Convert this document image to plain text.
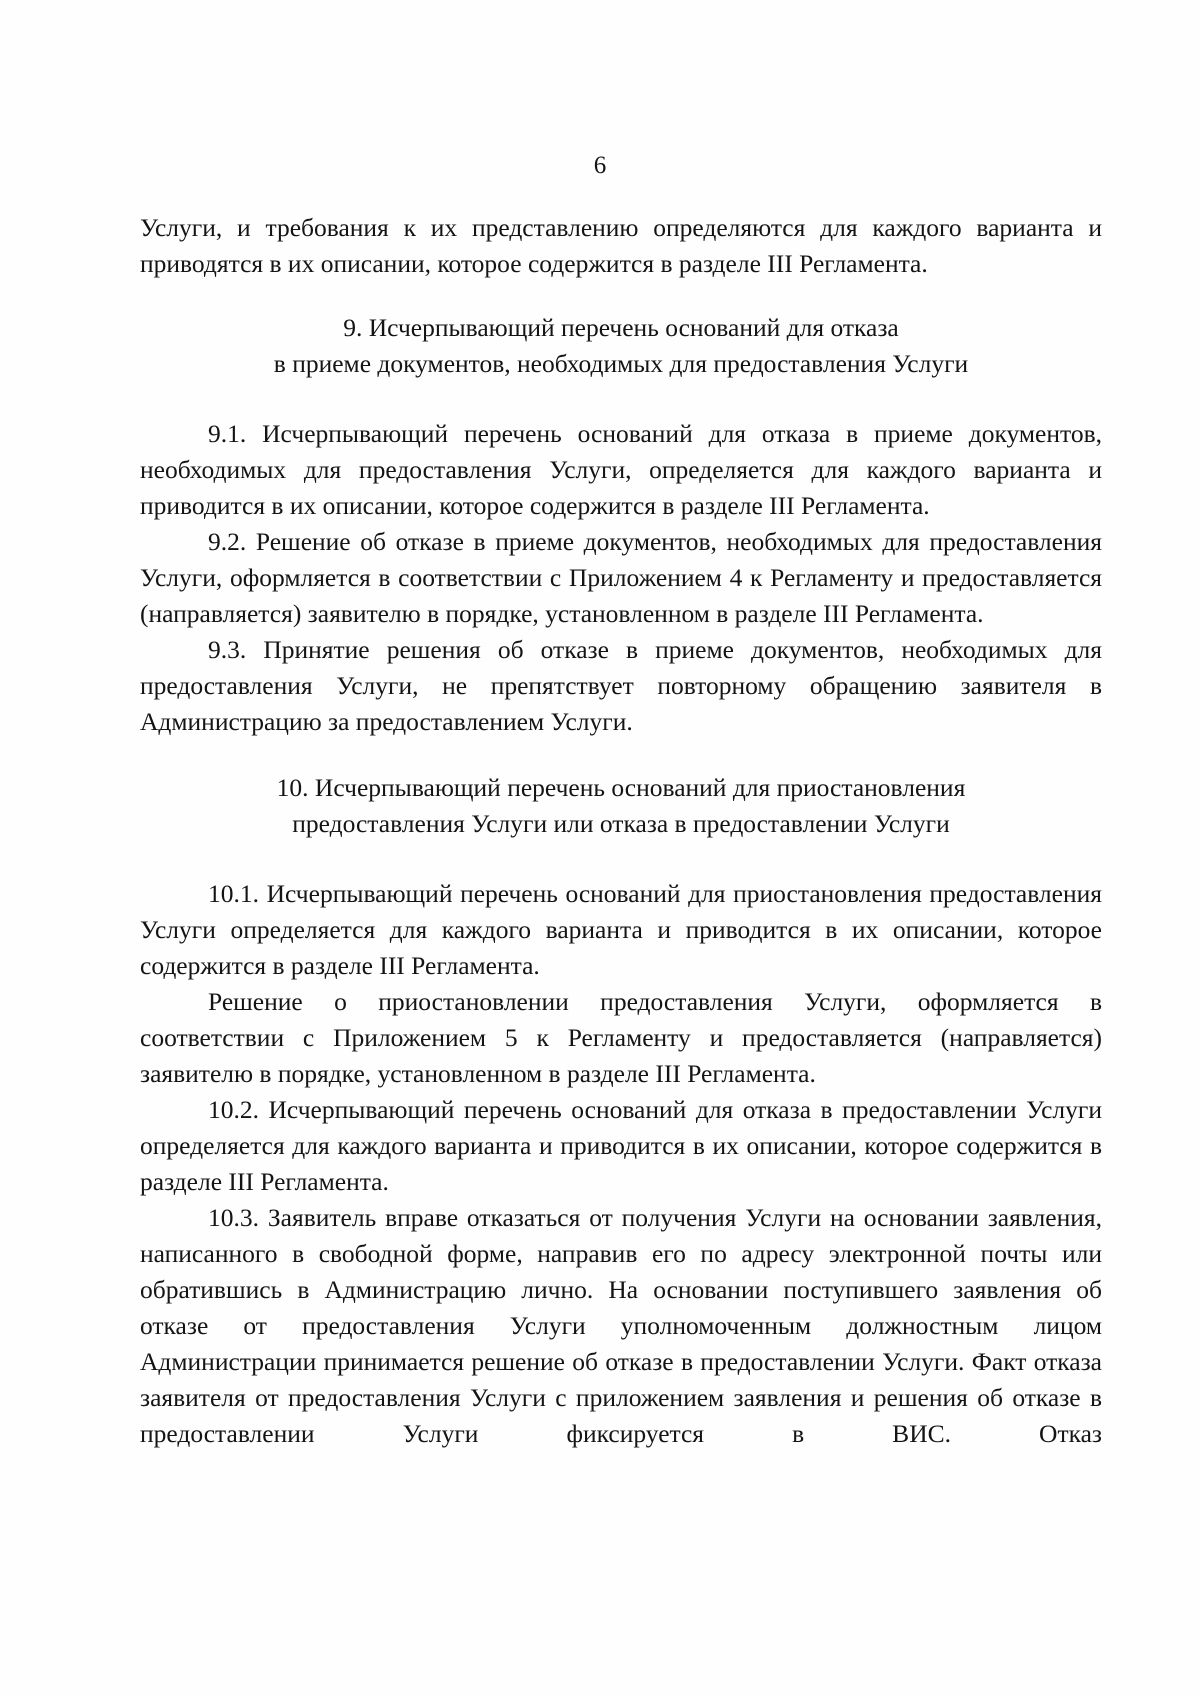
6

Услуги, и требования к их представлению определяются для каждого варианта и приводятся в их описании, которое содержится в разделе III Регламента.

9. Исчерпывающий перечень оснований для отказа

в приеме документов, необходимых для предоставления Услуги

9.1. Исчерпывающий перечень оснований для отказа в приеме документов, необходимых для предоставления Услуги, определяется для каждого варианта и приводится в их описании, которое содержится в разделе III Регламента.

9.2. Решение об отказе в приеме документов, необходимых для предоставления Услуги, оформляется в соответствии с Приложением 4 к Регламенту и предоставляется (направляется) заявителю в порядке, установленном в разделе III Регламента.

9.3. Принятие решения об отказе в приеме документов, необходимых для предоставления Услуги, не препятствует повторному обращению заявителя в Администрацию за предоставлением Услуги.

10. Исчерпывающий перечень оснований для приостановления

предоставления Услуги или отказа в предоставлении Услуги

10.1. Исчерпывающий перечень оснований для приостановления предоставления Услуги определяется для каждого варианта и приводится в их описании, которое содержится в разделе III Регламента.

Решение о приостановлении предоставления Услуги, оформляется в соответствии с Приложением 5 к Регламенту и предоставляется (направляется) заявителю в порядке, установленном в разделе III Регламента.

10.2. Исчерпывающий перечень оснований для отказа в предоставлении Услуги определяется для каждого варианта и приводится в их описании, которое содержится в разделе III Регламента.

10.3. Заявитель вправе отказаться от получения Услуги на основании заявления, написанного в свободной форме, направив его по адресу электронной почты или обратившись в Администрацию лично. На основании поступившего заявления об отказе от предоставления Услуги уполномоченным должностным лицом Администрации принимается решение об отказе в предоставлении Услуги. Факт отказа заявителя от предоставления Услуги с приложением заявления и решения об отказе в предоставлении Услуги фиксируется в ВИС. Отказ
